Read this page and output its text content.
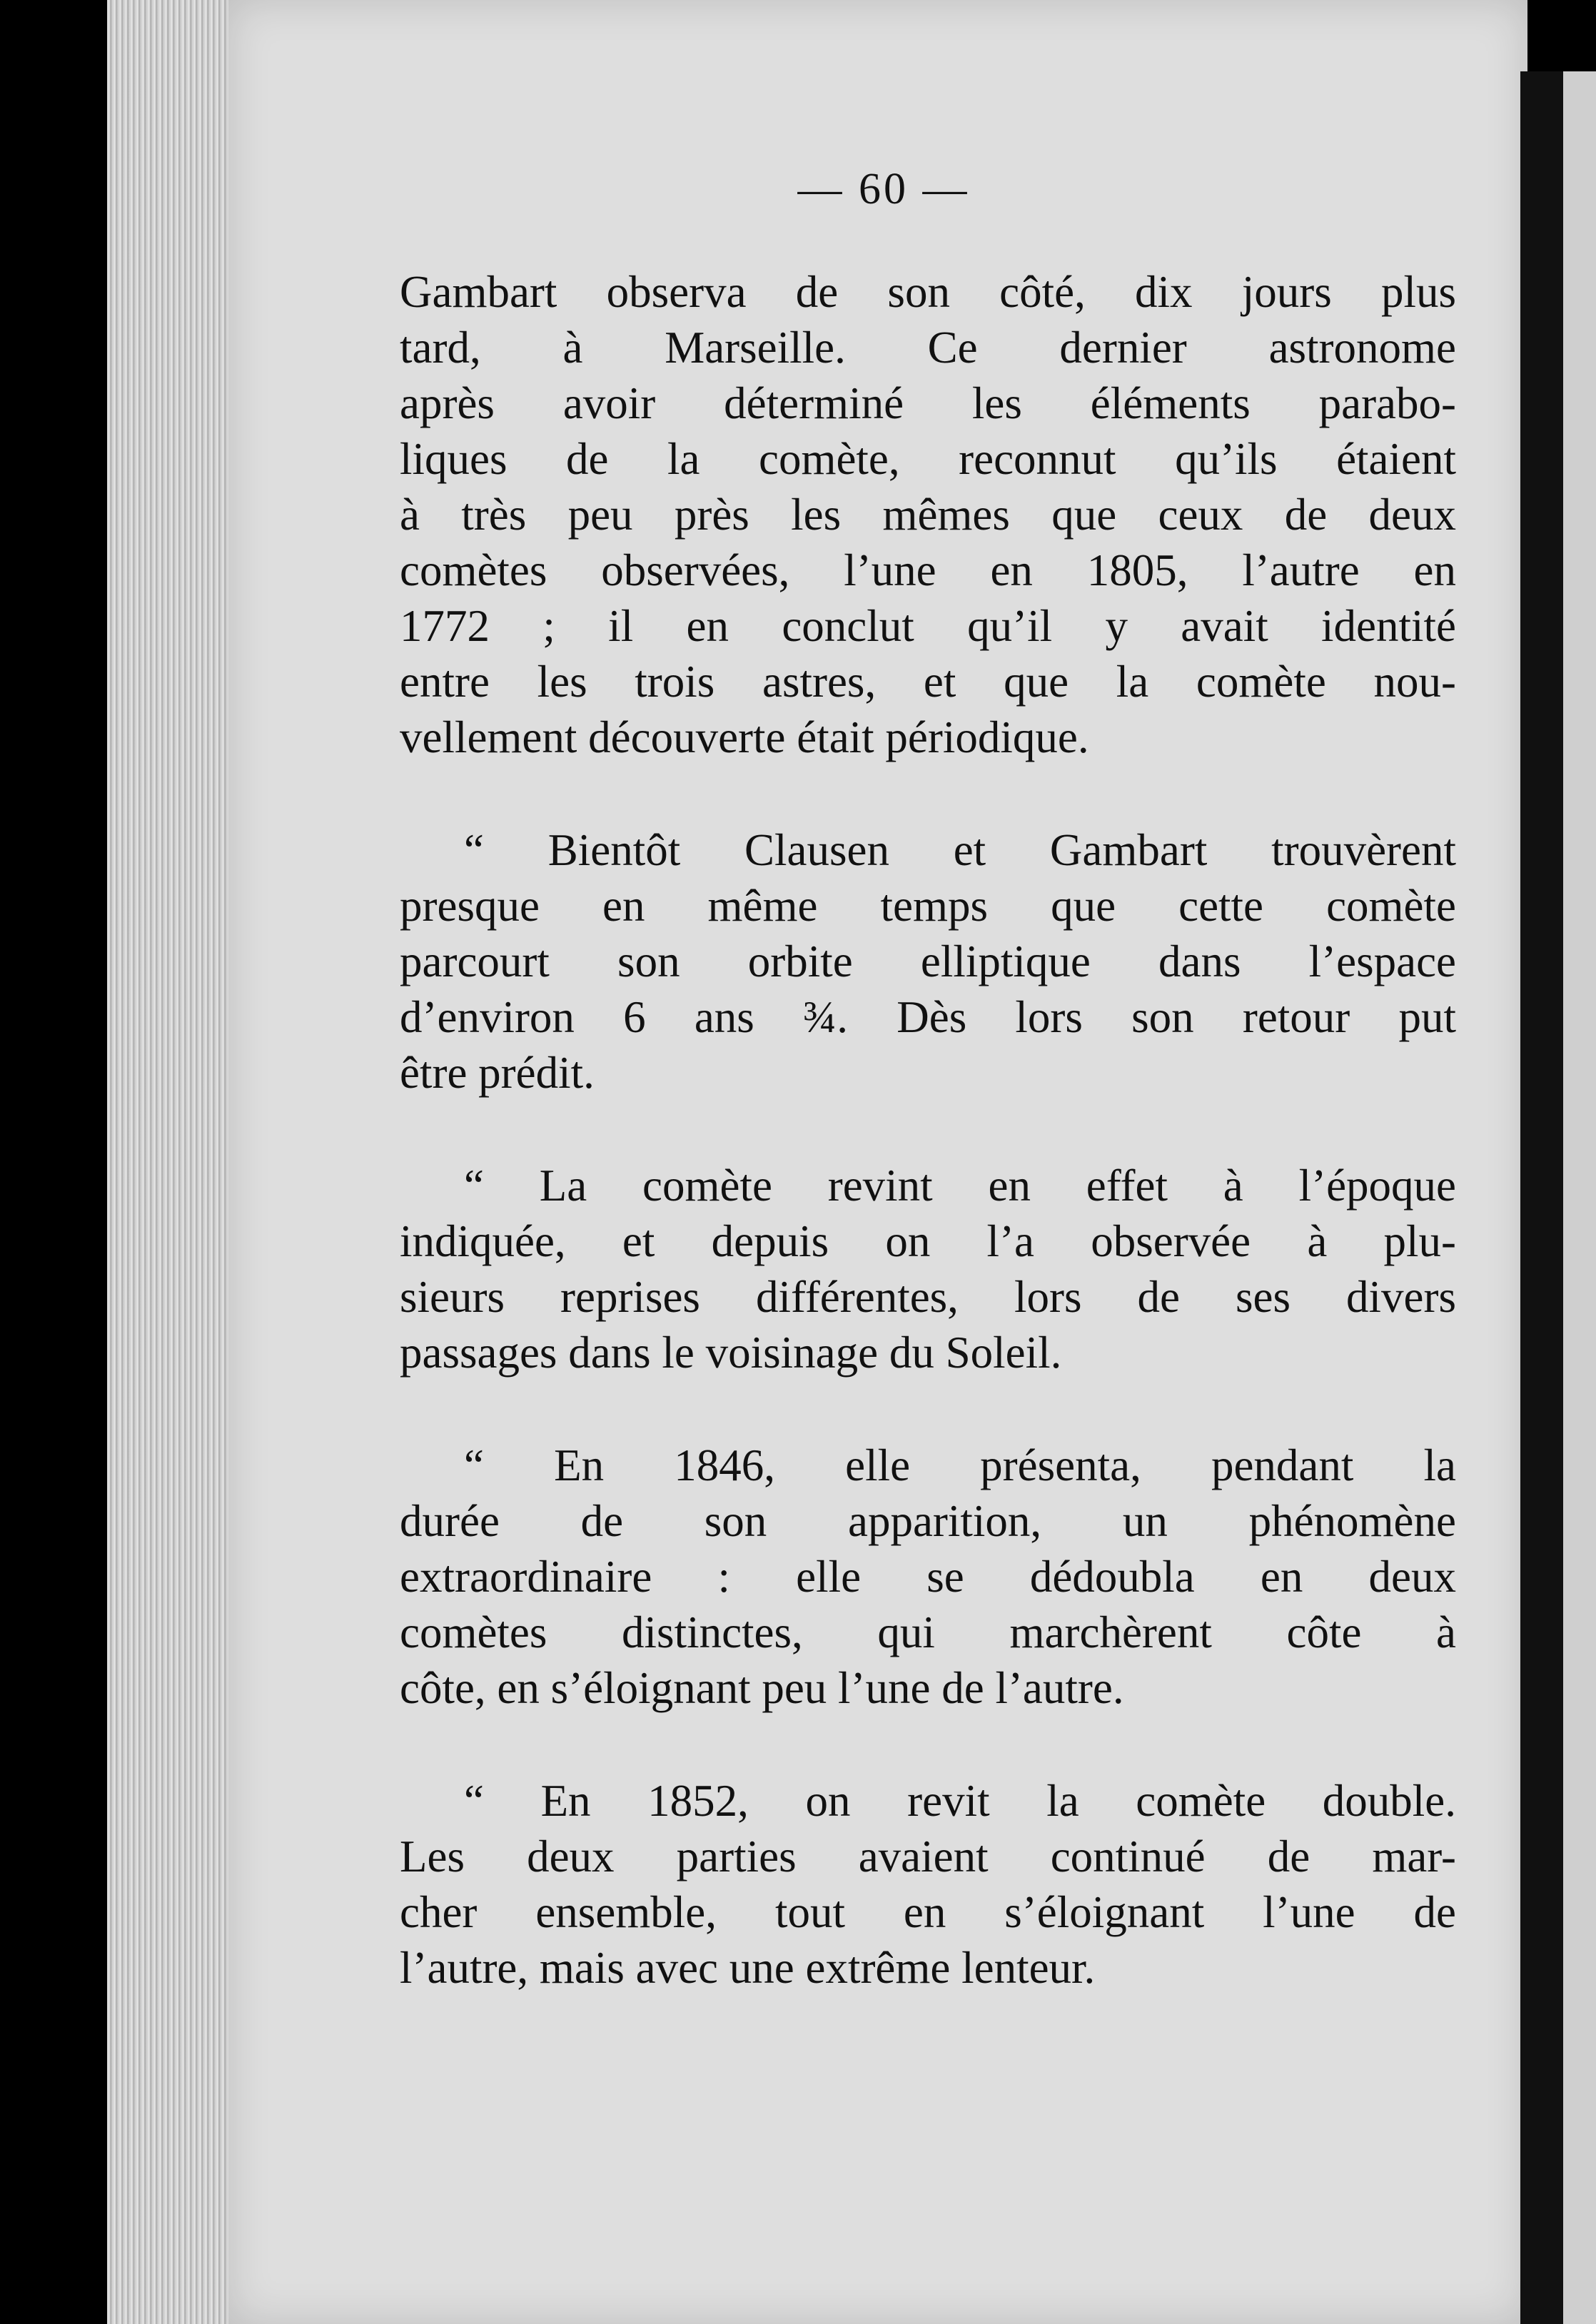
— 60 —

Gambart observa de son côté, dix jours plus
tard, à Marseille. Ce dernier astronome
après avoir déterminé les éléments parabo-
liques de la comète, reconnut qu’ils étaient
à très peu près les mêmes que ceux de deux
comètes observées, l’une en 1805, l’autre en
1772 ; il en conclut qu’il y avait identité
entre les trois astres, et que la comète nou-
vellement découverte était périodique.

“ Bientôt Clausen et Gambart trouvèrent
presque en même temps que cette comète
parcourt son orbite elliptique dans l’espace
d’environ 6 ans ¾. Dès lors son retour put
être prédit.

“ La comète revint en effet à l’époque
indiquée, et depuis on l’a observée à plu-
sieurs reprises différentes, lors de ses divers
passages dans le voisinage du Soleil.

“ En 1846, elle présenta, pendant la
durée de son apparition, un phénomène
extraordinaire : elle se dédoubla en deux
comètes distinctes, qui marchèrent côte à
côte, en s’éloignant peu l’une de l’autre.

“ En 1852, on revit la comète double.
Les deux parties avaient continué de mar-
cher ensemble, tout en s’éloignant l’une de
l’autre, mais avec une extrême lenteur.
